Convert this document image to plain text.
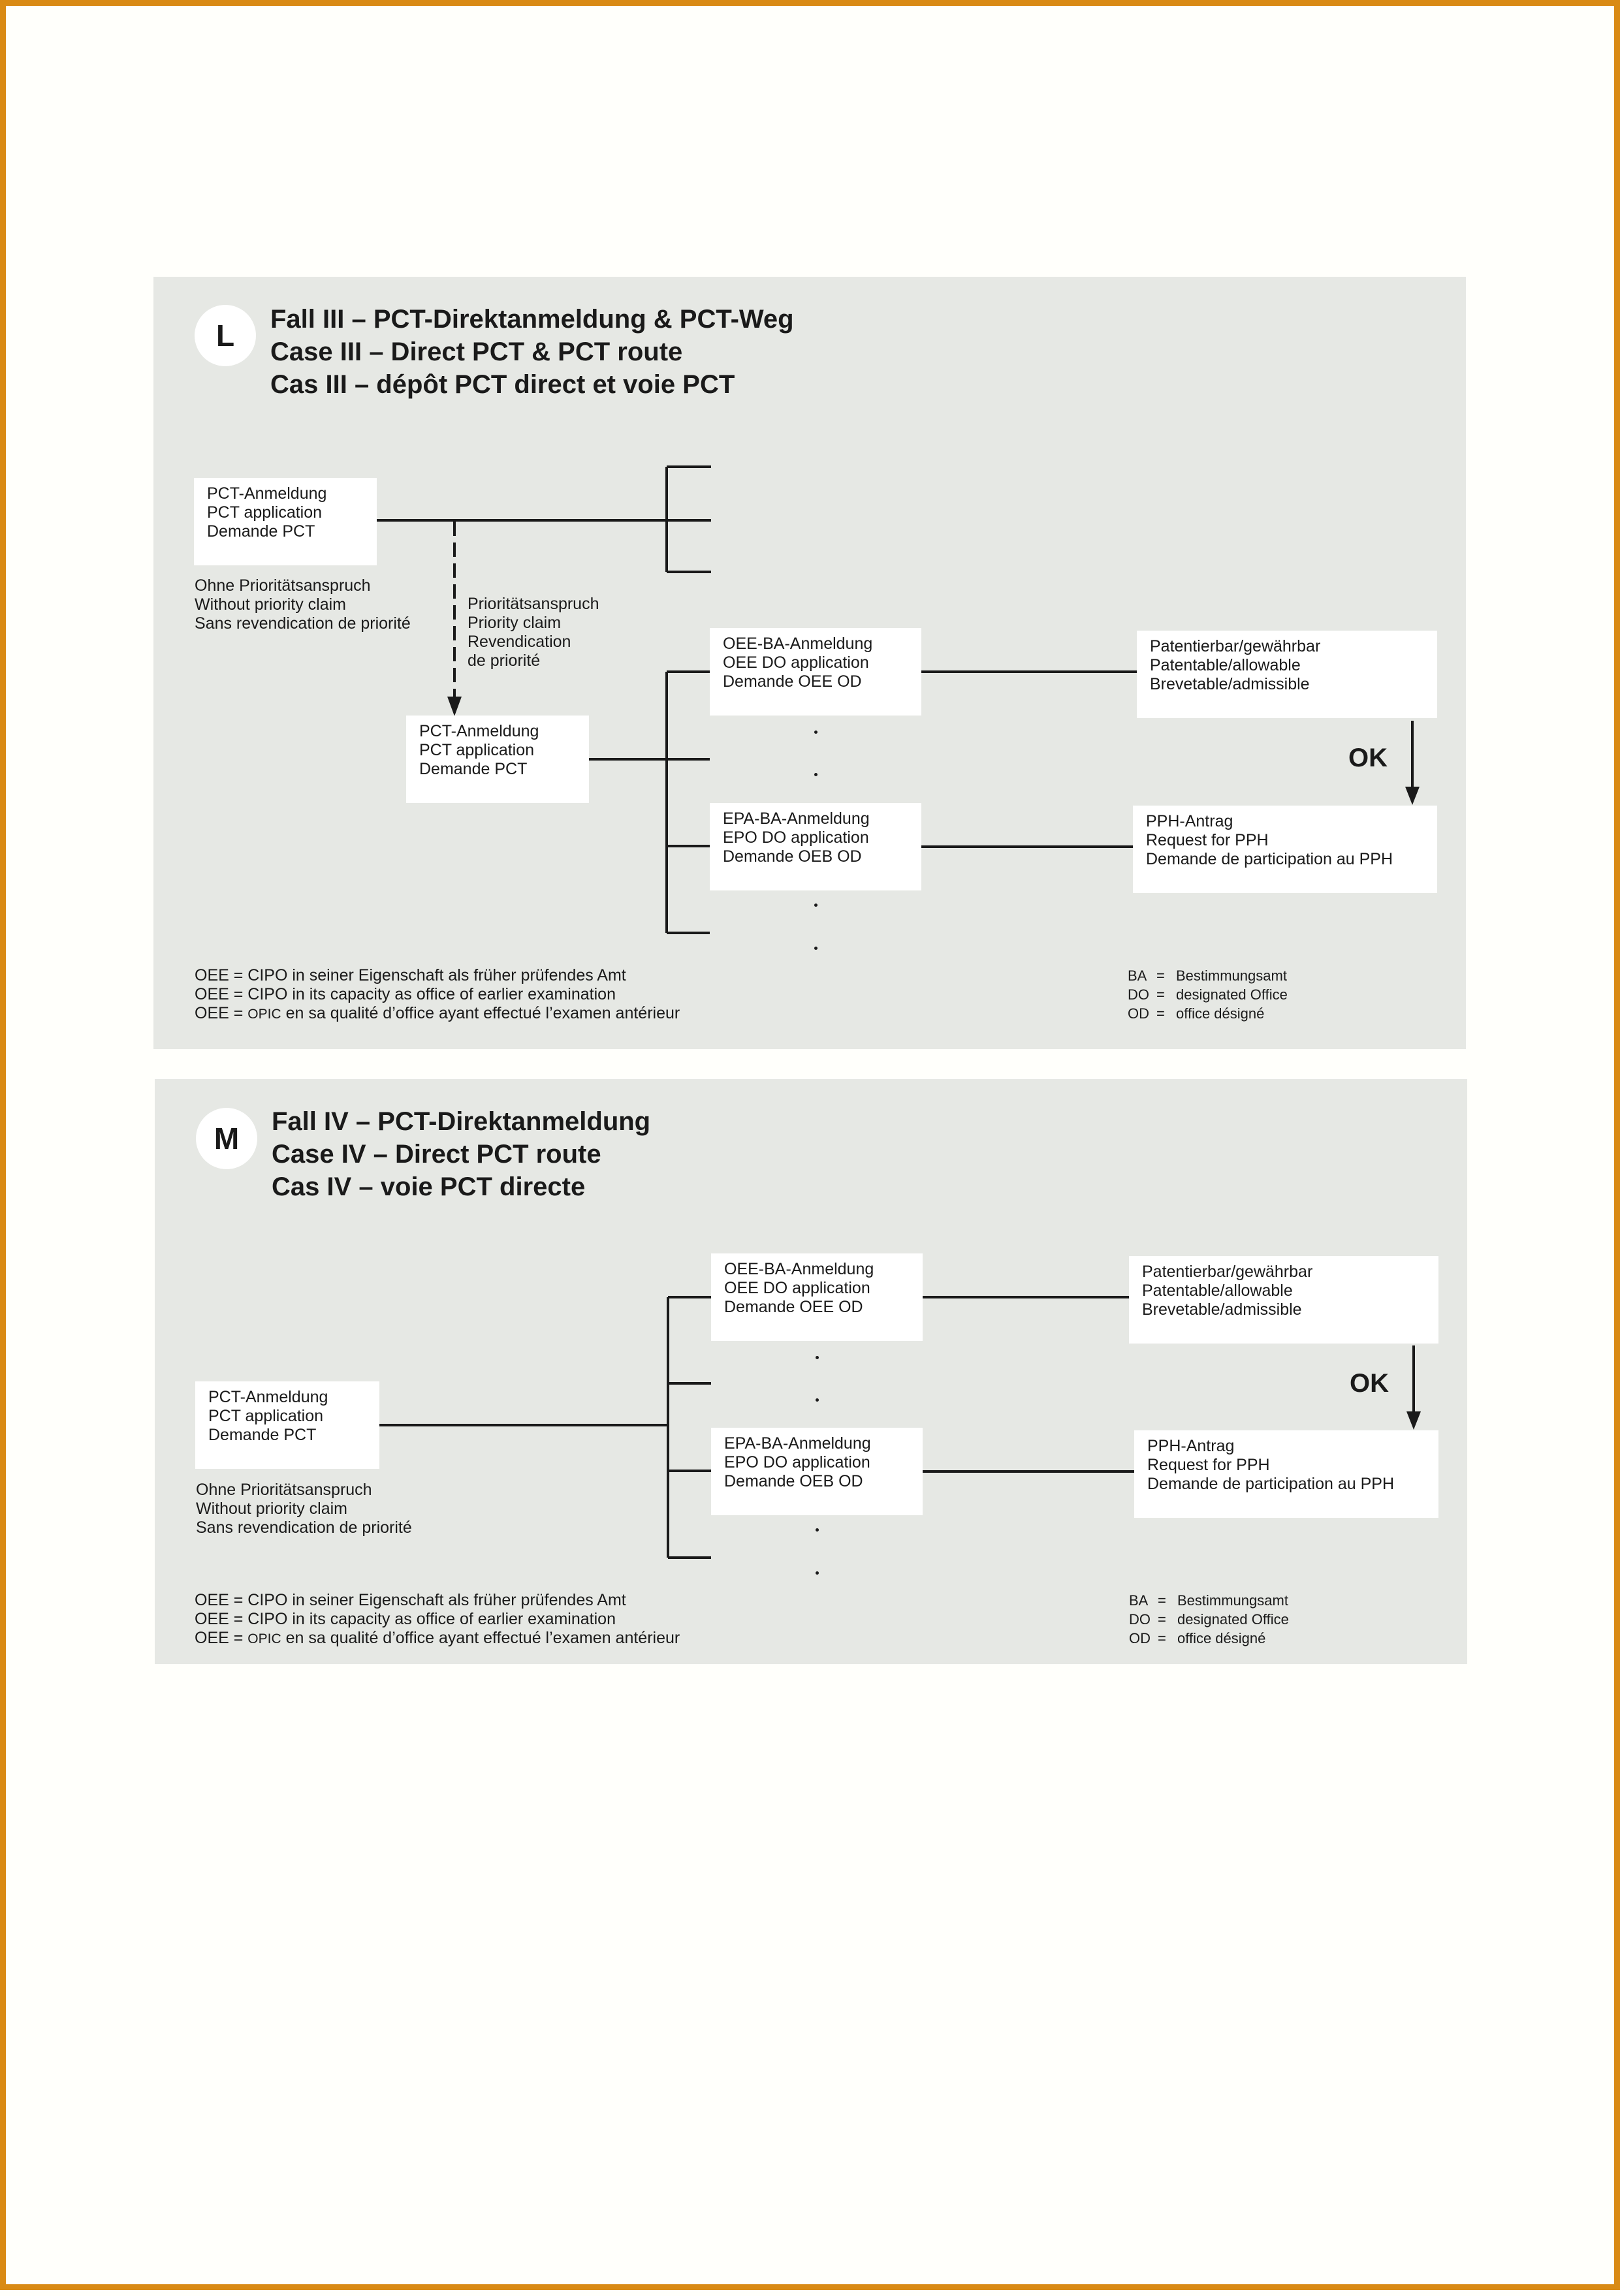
L	Fall III – PCT-Direktanmeldung & PCT-Weg
Case III – Direct PCT & PCT route
Cas III – dépôt PCT direct et voie PCT
PCT-Anmeldung
PCT application
Demande PCT
Ohne Prioritätsanspruch
Without priority claim
Sans revendication de priorité
Prioritätsanspruch
Priority claim
Revendication
de priorité
PCT-Anmeldung
PCT application
Demande PCT
OEE-BA-Anmeldung
OEE DO application
Demande OEE OD
EPA-BA-Anmeldung
EPO DO application
Demande OEB OD
Patentierbar/gewährbar
Patentable/allowable
Brevetable/admissible
PPH-Antrag
Request for PPH
Demande de participation au PPH
OK
OEE = CIPO in seiner Eigenschaft als früher prüfendes Amt
OEE = CIPO in its capacity as office of earlier examination
OEE = OPIC en sa qualité d’office ayant effectué l’examen antérieur
BA = Bestimmungsamt
DO = designated Office
OD = office désigné
M	Fall IV – PCT-Direktanmeldung
Case IV – Direct PCT route
Cas IV – voie PCT directe
PCT-Anmeldung
PCT application
Demande PCT
Ohne Prioritätsanspruch
Without priority claim
Sans revendication de priorité
OEE-BA-Anmeldung
OEE DO application
Demande OEE OD
EPA-BA-Anmeldung
EPO DO application
Demande OEB OD
Patentierbar/gewährbar
Patentable/allowable
Brevetable/admissible
PPH-Antrag
Request for PPH
Demande de participation au PPH
OK
OEE = CIPO in seiner Eigenschaft als früher prüfendes Amt
OEE = CIPO in its capacity as office of earlier examination
OEE = OPIC en sa qualité d’office ayant effectué l’examen antérieur
BA = Bestimmungsamt
DO = designated Office
OD = office désigné
